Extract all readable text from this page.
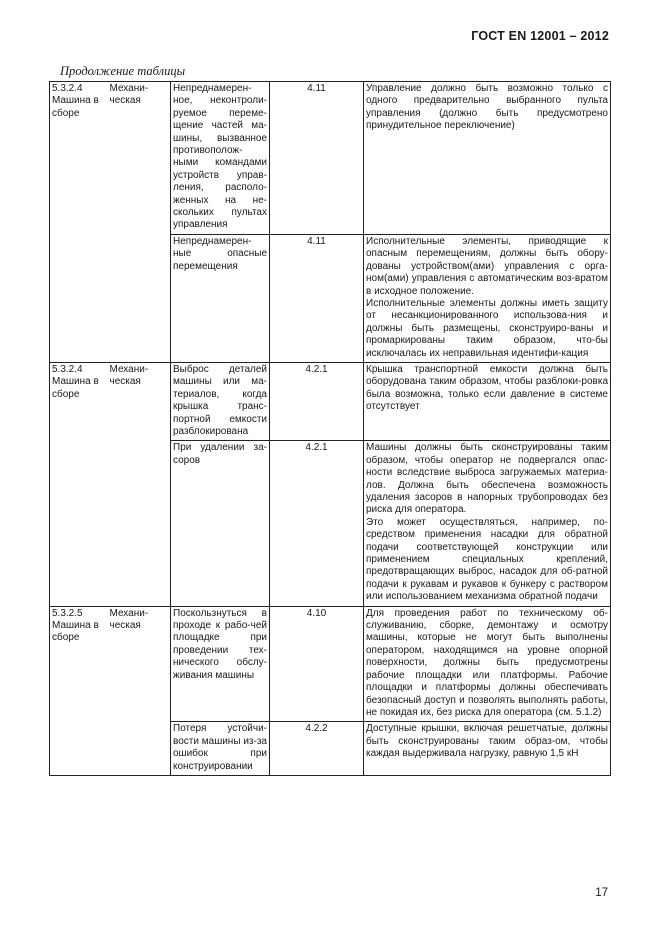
ГОСТ EN 12001 – 2012
Продолжение таблицы
5.3.2.4
Машина в сборе	Механи-
ческая	Непреднамерен-ное, неконтроли-руемое переме-щение частей ма-шины, вызванное противополож-ными командами устройств управ-ления, располо-женных на не-скольких пультах управления	4.11	Управление должно быть возможно только с одного предварительно выбранного пульта управления (должно быть предусмотрено принудительное переключение)
		Непреднамерен-ные опасные перемещения	4.11	Исполнительные элементы, приводящие к опасным перемещениям, должны быть обору-дованы устройством(ами) управления с орга-ном(ами) управления с автоматическим воз-вратом в исходное положение.
Исполнительные элементы должны иметь защиту от несанкционированного использова-ния и должны быть размещены, сконструиро-ваны и промаркированы таким образом, что-бы исключалась их неправильная идентифи-кация
5.3.2.4
Машина в сборе	Механи-
ческая	Выброс деталей машины или ма-териалов, когда крышка транс-портной емкости разблокирована	4.2.1	Крышка транспортной емкости должна быть оборудована таким образом, чтобы разблоки-ровка была возможна, только если давление в системе отсутствует
		При удалении за-соров	4.2.1	Машины должны быть сконструированы таким образом, чтобы оператор не подвергался опас-ности вследствие выброса загружаемых материа-лов. Должна быть обеспечена возможность удаления засоров в напорных трубопроводах без риска для оператора.
Это может осуществляться, например, по-средством применения насадки для обратной подачи соответствующей конструкции или применением специальных креплений, предотвращающих выброс, насадок для об-ратной подачи к рукавам и рукавов к бункеру с раствором или использованием механизма обратной подачи
5.3.2.5
Машина в сборе	Механи-
ческая	Поскользнуться в проходе к рабо-чей площадке при проведении тех-нического обслу-живания машины	4.10	Для проведения работ по техническому об-служиванию, сборке, демонтажу и осмотру машины, которые не могут быть выполнены оператором, находящимся на уровне опорной поверхности, должны быть предусмотрены рабочие площадки или платформы. Рабочие площадки и платформы должны обеспечивать безопасный доступ и позволять выполнять работы, не покидая их, без риска для оператора (см. 5.1.2)
		Потеря устойчи-вости машины из-за ошибок при конструировании	4.2.2	Доступные крышки, включая решетчатые, должны быть сконструированы таким образ-ом, чтобы каждая выдерживала нагрузку, равную 1,5 кН
17
